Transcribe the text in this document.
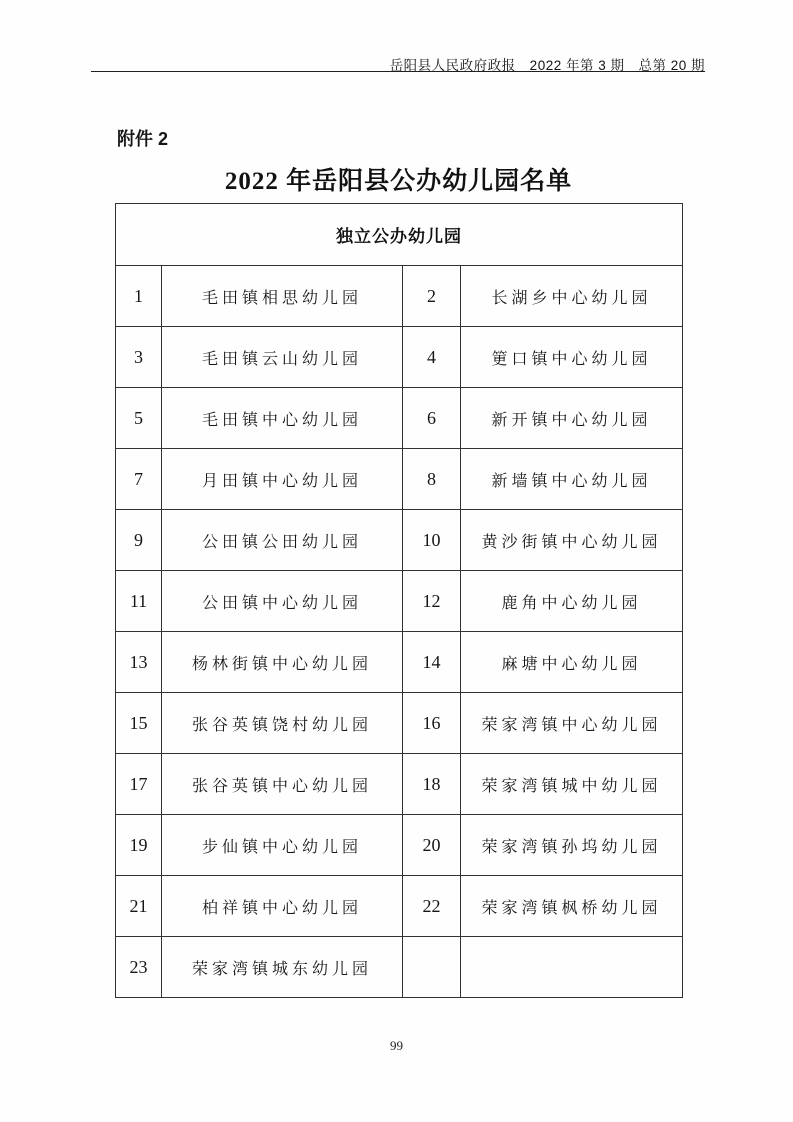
岳阳县人民政府政报　2022 年第 3 期　总第 20 期
附件 2
2022 年岳阳县公办幼儿园名单
独立公办幼儿园			
1	毛田镇相思幼儿园	2	长湖乡中心幼儿园
3	毛田镇云山幼儿园	4	筻口镇中心幼儿园
5	毛田镇中心幼儿园	6	新开镇中心幼儿园
7	月田镇中心幼儿园	8	新墙镇中心幼儿园
9	公田镇公田幼儿园	10	黄沙街镇中心幼儿园
11	公田镇中心幼儿园	12	鹿角中心幼儿园
13	杨林街镇中心幼儿园	14	麻塘中心幼儿园
15	张谷英镇饶村幼儿园	16	荣家湾镇中心幼儿园
17	张谷英镇中心幼儿园	18	荣家湾镇城中幼儿园
19	步仙镇中心幼儿园	20	荣家湾镇孙坞幼儿园
21	柏祥镇中心幼儿园	22	荣家湾镇枫桥幼儿园
23	荣家湾镇城东幼儿园		
99
